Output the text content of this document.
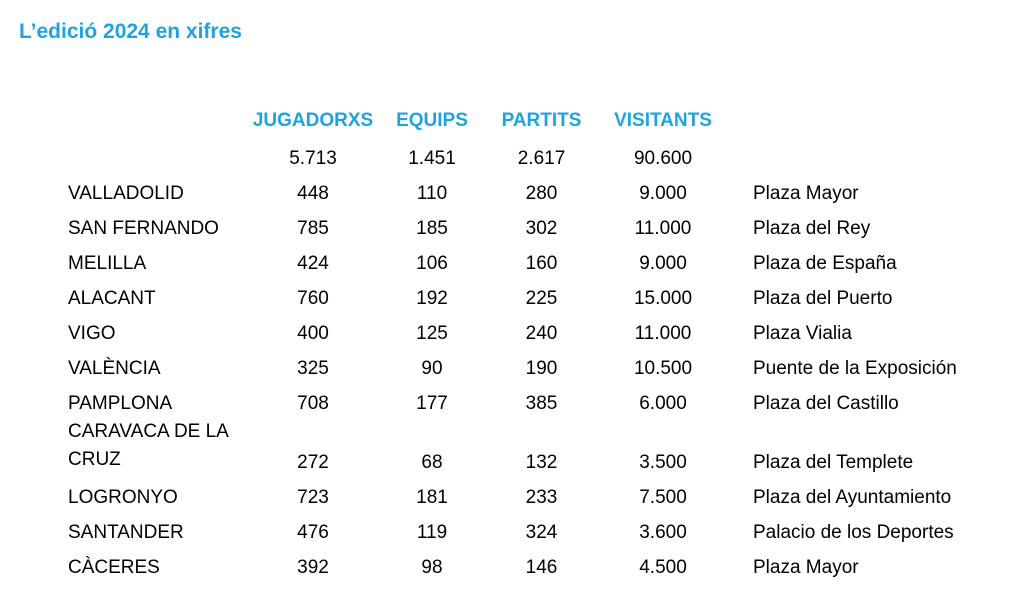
L’edició 2024 en xifres
	JUGADORXS	EQUIPS	PARTITS	VISITANTS	
	5.713	1.451	2.617	90.600	
VALLADOLID	448	110	280	9.000	Plaza Mayor
SAN FERNANDO	785	185	302	11.000	Plaza del Rey
MELILLA	424	106	160	9.000	Plaza de España
ALACANT	760	192	225	15.000	Plaza del Puerto
VIGO	400	125	240	11.000	Plaza Vialia
VALÈNCIA	325	90	190	10.500	Puente de la Exposición
PAMPLONA	708	177	385	6.000	Plaza del Castillo
CARAVACA DE LA CRUZ	272	68	132	3.500	Plaza del Templete
LOGRONYO	723	181	233	7.500	Plaza del Ayuntamiento
SANTANDER	476	119	324	3.600	Palacio de los Deportes
CÀCERES	392	98	146	4.500	Plaza Mayor
